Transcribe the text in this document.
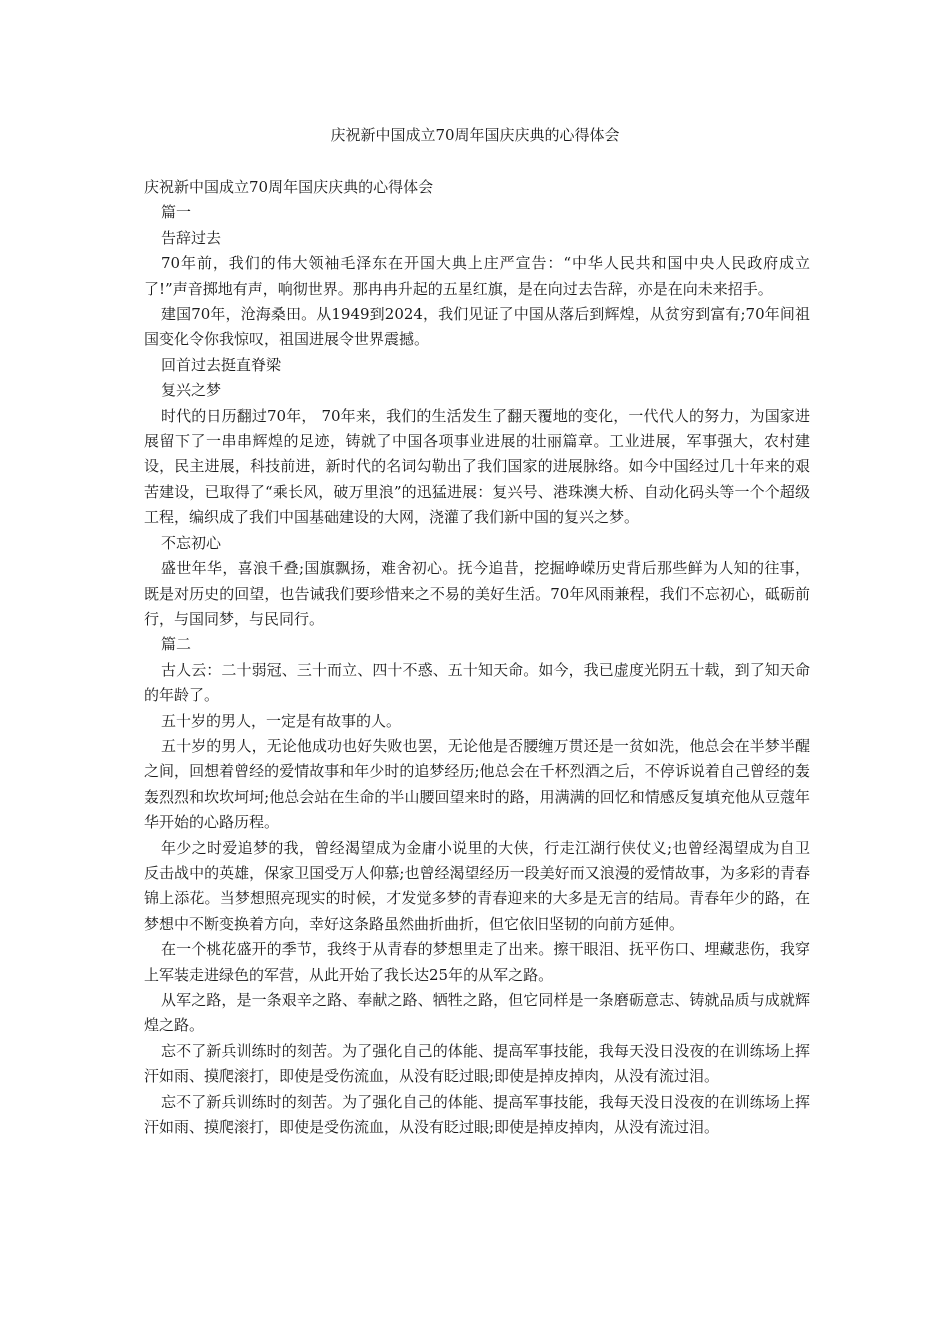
庆祝新中国成立70周年国庆庆典的心得体会

庆祝新中国成立70周年国庆庆典的心得体会

篇一

告辞过去

70年前，我们的伟大领袖毛泽东在开国大典上庄严宣告：“中华人民共和国中央人民政府成立了!”声音掷地有声，响彻世界。那冉冉升起的五星红旗，是在向过去告辞，亦是在向未来招手。

建国70年，沧海桑田。从1949到2024，我们见证了中国从落后到辉煌，从贫穷到富有;70年间祖国变化令你我惊叹，祖国进展令世界震撼。

回首过去挺直脊梁

复兴之梦

时代的日历翻过70年， 70年来，我们的生活发生了翻天覆地的变化，一代代人的努力，为国家进展留下了一串串辉煌的足迹，铸就了中国各项事业进展的壮丽篇章。工业进展，军事强大，农村建设，民主进展，科技前进，新时代的名词勾勒出了我们国家的进展脉络。如今中国经过几十年来的艰苦建设，已取得了“乘长风，破万里浪”的迅猛进展：复兴号、港珠澳大桥、自动化码头等一个个超级工程，编织成了我们中国基础建设的大网，浇灌了我们新中国的复兴之梦。

不忘初心

盛世年华，喜浪千叠;国旗飘扬，难舍初心。抚今追昔，挖掘峥嵘历史背后那些鲜为人知的往事，既是对历史的回望，也告诫我们要珍惜来之不易的美好生活。70年风雨兼程，我们不忘初心，砥砺前行，与国同梦，与民同行。

篇二

古人云：二十弱冠、三十而立、四十不惑、五十知天命。如今，我已虚度光阴五十载，到了知天命的年龄了。

五十岁的男人，一定是有故事的人。

五十岁的男人，无论他成功也好失败也罢，无论他是否腰缠万贯还是一贫如洗，他总会在半梦半醒之间，回想着曾经的爱情故事和年少时的追梦经历;他总会在千杯烈酒之后，不停诉说着自己曾经的轰轰烈烈和坎坎坷坷;他总会站在生命的半山腰回望来时的路，用满满的回忆和情感反复填充他从豆蔻年华开始的心路历程。

年少之时爱追梦的我，曾经渴望成为金庸小说里的大侠，行走江湖行侠仗义;也曾经渴望成为自卫反击战中的英雄，保家卫国受万人仰慕;也曾经渴望经历一段美好而又浪漫的爱情故事，为多彩的青春锦上添花。当梦想照亮现实的时候，才发觉多梦的青春迎来的大多是无言的结局。青春年少的路，在梦想中不断变换着方向，幸好这条路虽然曲折曲折，但它依旧坚韧的向前方延伸。

在一个桃花盛开的季节，我终于从青春的梦想里走了出来。擦干眼泪、抚平伤口、埋藏悲伤，我穿上军装走进绿色的军营，从此开始了我长达25年的从军之路。

从军之路，是一条艰辛之路、奉献之路、牺牲之路，但它同样是一条磨砺意志、铸就品质与成就辉煌之路。

忘不了新兵训练时的刻苦。为了强化自己的体能、提高军事技能，我每天没日没夜的在训练场上挥汗如雨、摸爬滚打，即使是受伤流血，从没有眨过眼;即使是掉皮掉肉，从没有流过泪。

忘不了新兵训练时的刻苦。为了强化自己的体能、提高军事技能，我每天没日没夜的在训练场上挥汗如雨、摸爬滚打，即使是受伤流血，从没有眨过眼;即使是掉皮掉肉，从没有流过泪。
